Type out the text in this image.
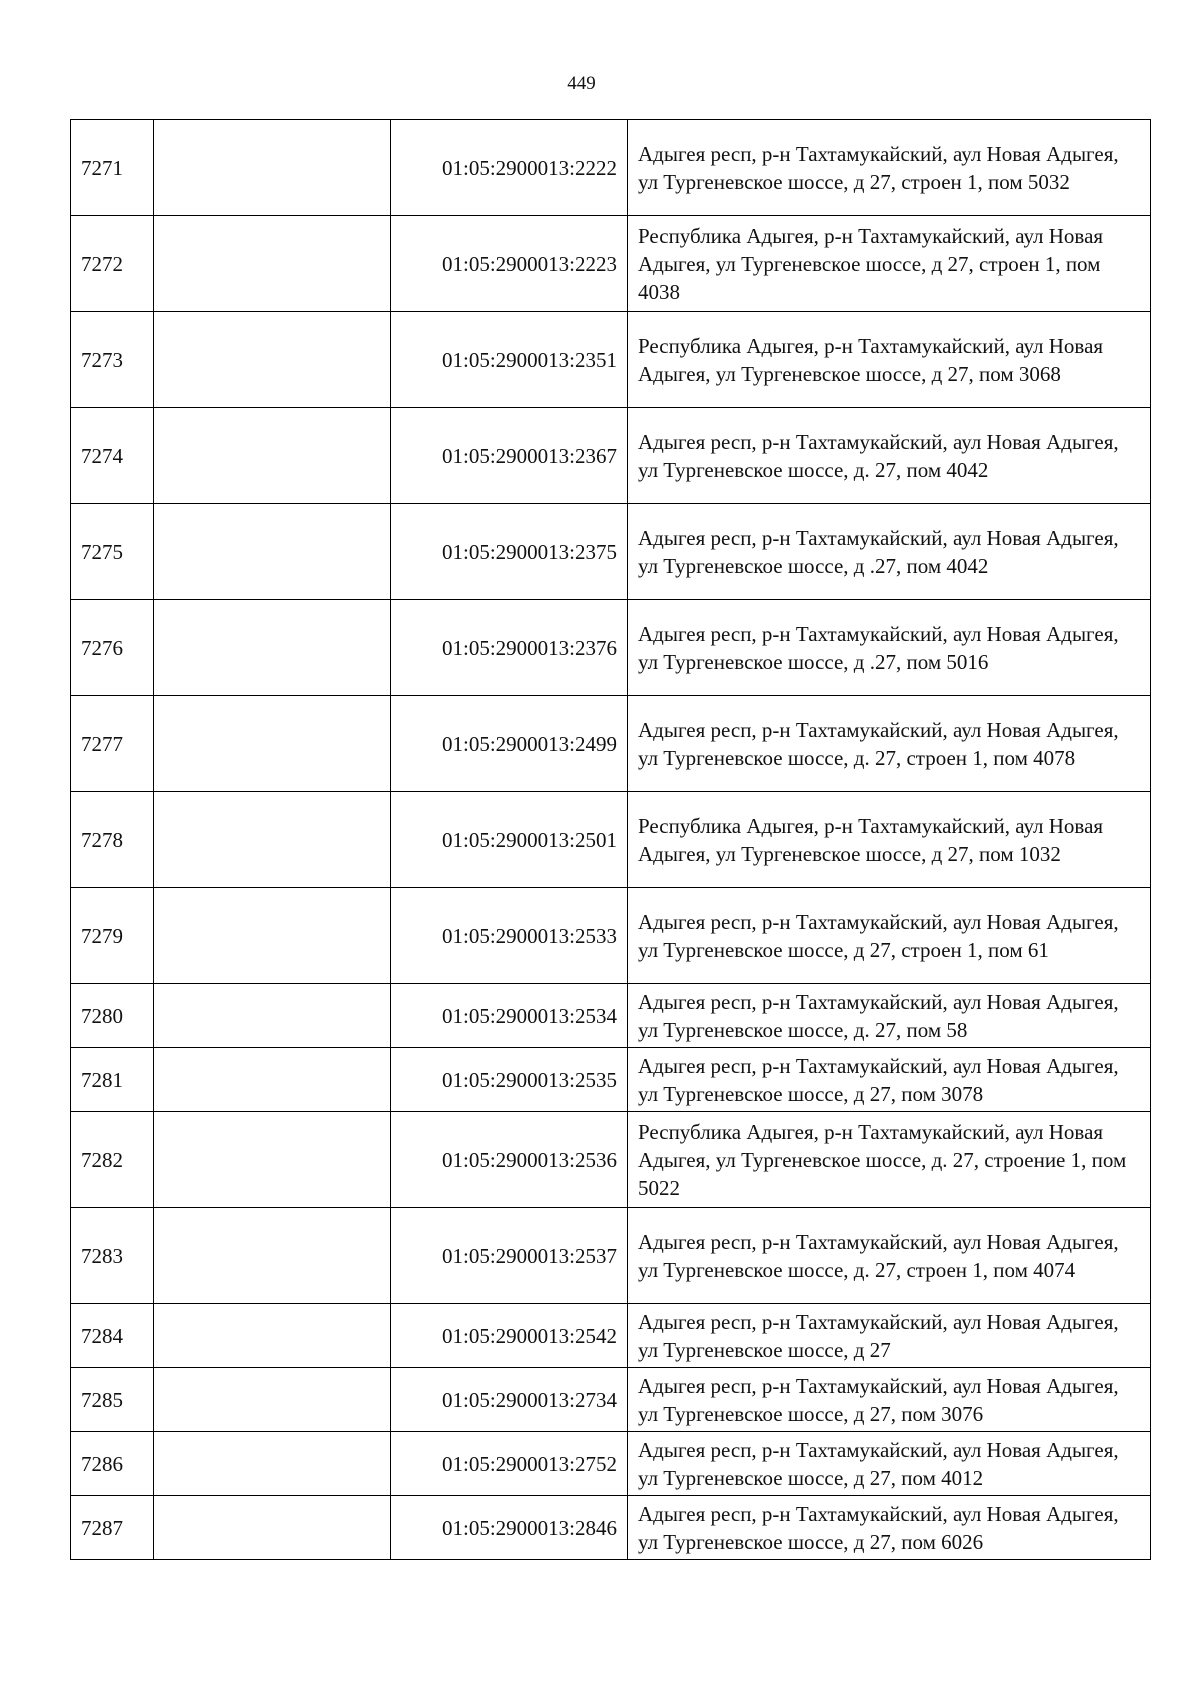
449
7271		01:05:2900013:2222	Адыгея респ, р-н Тахтамукайский, аул Новая Адыгея, ул Тургеневское шоссе, д 27, строен 1, пом 5032
7272		01:05:2900013:2223	Республика Адыгея, р-н Тахтамукайский, аул Новая Адыгея, ул Тургеневское шоссе, д 27, строен 1, пом 4038
7273		01:05:2900013:2351	Республика Адыгея, р-н Тахтамукайский, аул Новая Адыгея, ул Тургеневское шоссе, д 27, пом 3068
7274		01:05:2900013:2367	Адыгея респ, р-н Тахтамукайский, аул Новая Адыгея, ул Тургеневское шоссе, д. 27, пом 4042
7275		01:05:2900013:2375	Адыгея респ, р-н Тахтамукайский, аул Новая Адыгея, ул Тургеневское шоссе, д .27, пом 4042
7276		01:05:2900013:2376	Адыгея респ, р-н Тахтамукайский, аул Новая Адыгея, ул Тургеневское шоссе, д .27, пом 5016
7277		01:05:2900013:2499	Адыгея респ, р-н Тахтамукайский, аул Новая Адыгея, ул Тургеневское шоссе, д. 27, строен 1, пом 4078
7278		01:05:2900013:2501	Республика Адыгея, р-н Тахтамукайский, аул Новая Адыгея, ул Тургеневское шоссе, д 27, пом 1032
7279		01:05:2900013:2533	Адыгея респ, р-н Тахтамукайский, аул Новая Адыгея, ул Тургеневское шоссе, д 27, строен 1, пом 61
7280		01:05:2900013:2534	Адыгея респ, р-н Тахтамукайский, аул Новая Адыгея, ул Тургеневское шоссе, д. 27, пом 58
7281		01:05:2900013:2535	Адыгея респ, р-н Тахтамукайский, аул Новая Адыгея, ул Тургеневское шоссе, д 27, пом 3078
7282		01:05:2900013:2536	Республика Адыгея, р-н Тахтамукайский, аул Новая Адыгея, ул Тургеневское шоссе, д. 27, строение 1, пом 5022
7283		01:05:2900013:2537	Адыгея респ, р-н Тахтамукайский, аул Новая Адыгея, ул Тургеневское шоссе, д. 27, строен 1, пом 4074
7284		01:05:2900013:2542	Адыгея респ, р-н Тахтамукайский, аул Новая Адыгея, ул Тургеневское шоссе, д 27
7285		01:05:2900013:2734	Адыгея респ, р-н Тахтамукайский, аул Новая Адыгея, ул Тургеневское шоссе, д 27, пом 3076
7286		01:05:2900013:2752	Адыгея респ, р-н Тахтамукайский, аул Новая Адыгея, ул Тургеневское шоссе, д 27, пом 4012
7287		01:05:2900013:2846	Адыгея респ, р-н Тахтамукайский, аул Новая Адыгея, ул Тургеневское шоссе, д 27, пом 6026
